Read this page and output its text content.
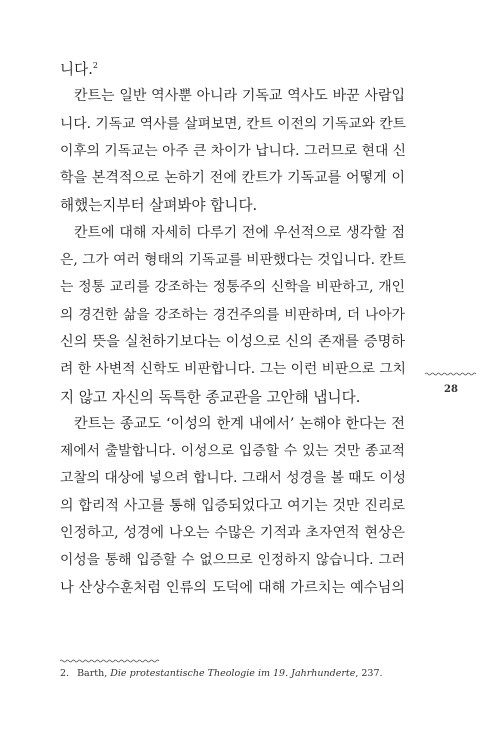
니다.$^2$
칸트는 일반 역사뿐 아니라 기독교 역사도 바꾼 사람입
니다. 기독교 역사를 살펴보면, 칸트 이전의 기독교와 칸트
이후의 기독교는 아주 큰 차이가 납니다. 그러므로 현대 신
학을 본격적으로 논하기 전에 칸트가 기독교를 어떻게 이
해했는지부터 살펴봐야 합니다.
칸트에 대해 자세히 다루기 전에 우선적으로 생각할 점
은, 그가 여러 형태의 기독교를 비판했다는 것입니다. 칸트
는 정통 교리를 강조하는 정통주의 신학을 비판하고, 개인
의 경건한 삶을 강조하는 경건주의를 비판하며, 더 나아가
신의 뜻을 실천하기보다는 이성으로 신의 존재를 증명하
려 한 사변적 신학도 비판합니다. 그는 이런 비판으로 그치
지 않고 자신의 독특한 종교관을 고안해 냅니다.
칸트는 종교도 ‘이성의 한계 내에서’ 논해야 한다는 전
제에서 출발합니다. 이성으로 입증할 수 있는 것만 종교적
고찰의 대상에 넣으려 합니다. 그래서 성경을 볼 때도 이성
의 합리적 사고를 통해 입증되었다고 여기는 것만 진리로
인정하고, 성경에 나오는 수많은 기적과 초자연적 현상은
이성을 통해 입증할 수 없으므로 인정하지 않습니다. 그러
나 산상수훈처럼 인류의 도덕에 대해 가르치는 예수님의
28
2. Barth, Die protestantische Theologie im 19. Jahrhunderte, 237.
